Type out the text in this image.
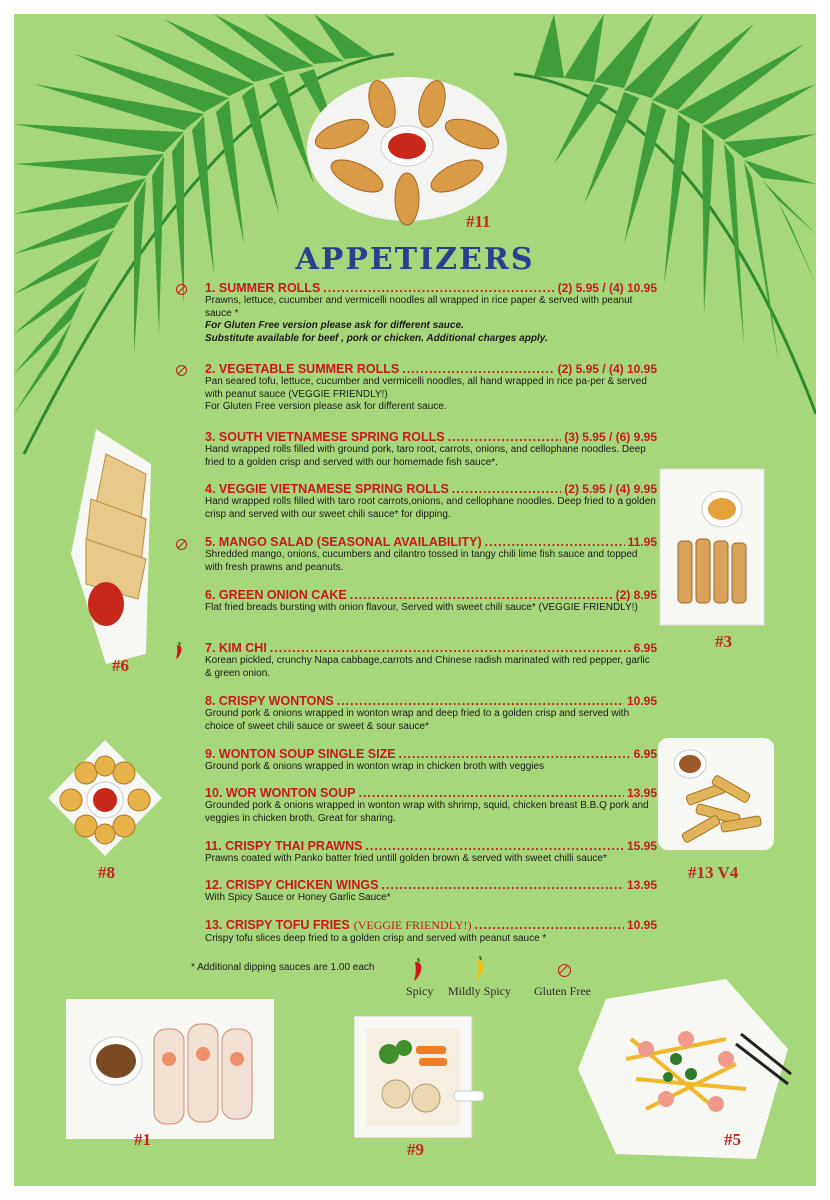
#11
APPETIZERS
#6
#3
#8	#13 V4
#1
#9
#5
1. SUMMER ROLLS .....	(2) 5.95 / (4) 10.95
Prawns, lettuce, cucumber and vermicelli noodles all wrapped in rice paper & served with peanut sauce *
For Gluten Free version please ask for different sauce.
Substitute available for beef , pork or chicken. Additional charges apply.
2. VEGETABLE SUMMER ROLLS .....	(2) 5.95 / (4) 10.95
Pan seared tofu, lettuce, cucumber and vermicelli noodles, all hand wrapped in rice pa-per & served with peanut sauce (VEGGIE FRIENDLY!)
For Gluten Free version please ask for different sauce.
3. SOUTH VIETNAMESE SPRING ROLLS .....	(3) 5.95 / (6) 9.95
Hand wrapped rolls filled with ground pork, taro root, carrots, onions, and cellophane noodles. Deep fried to a golden crisp and served with our homemade fish sauce*.
4. VEGGIE VIETNAMESE SPRING ROLLS .....	(2) 5.95 / (4) 9.95
Hand wrapped rolls filled with taro root carrots,onions, and cellophane noodles. Deep fried to a golden crisp and served with our sweet chili sauce* for dipping.
5. MANGO SALAD (SEASONAL AVAILABILITY) .....	11.95
Shredded mango, onions, cucumbers and cilantro tossed in tangy chili lime fish sauce and topped with fresh prawns and peanuts.
6. GREEN ONION CAKE .....	(2) 8.95
Flat fried breads bursting with onion flavour, Served with sweet chili sauce* (VEGGIE FRIENDLY!)
7. KIM CHI .....	6.95
Korean pickled, crunchy Napa cabbage,carrots and Chinese radish marinated with red pepper, garlic & green onion.
8. CRISPY WONTONS .....	10.95
Ground pork & onions wrapped in wonton wrap and deep fried to a golden crisp and served with choice of sweet chili sauce or sweet & sour sauce*
9. WONTON SOUP SINGLE SIZE .....	6.95
Ground pork & onions wrapped in wonton wrap in chicken broth with veggies
10. WOR WONTON SOUP .....	13.95
Grounded pork & onions wrapped in wonton wrap with shrimp, squid, chicken breast B.B.Q pork and veggies in chicken broth. Great for sharing.
11. CRISPY THAI PRAWNS .....	15.95
Prawns coated with Panko batter fried untill golden brown & served with sweet chilli sauce*
12. CRISPY CHICKEN WINGS .....	13.95
With Spicy Sauce or Honey Garlic Sauce*
13. CRISPY TOFU FRIES (VEGGIE FRIENDLY!) .....	10.95
Crispy tofu slices deep fried to a golden crisp and served with peanut sauce *
* Additional dipping sauces are 1.00 each
Spicy Mildly Spicy Gluten Free
